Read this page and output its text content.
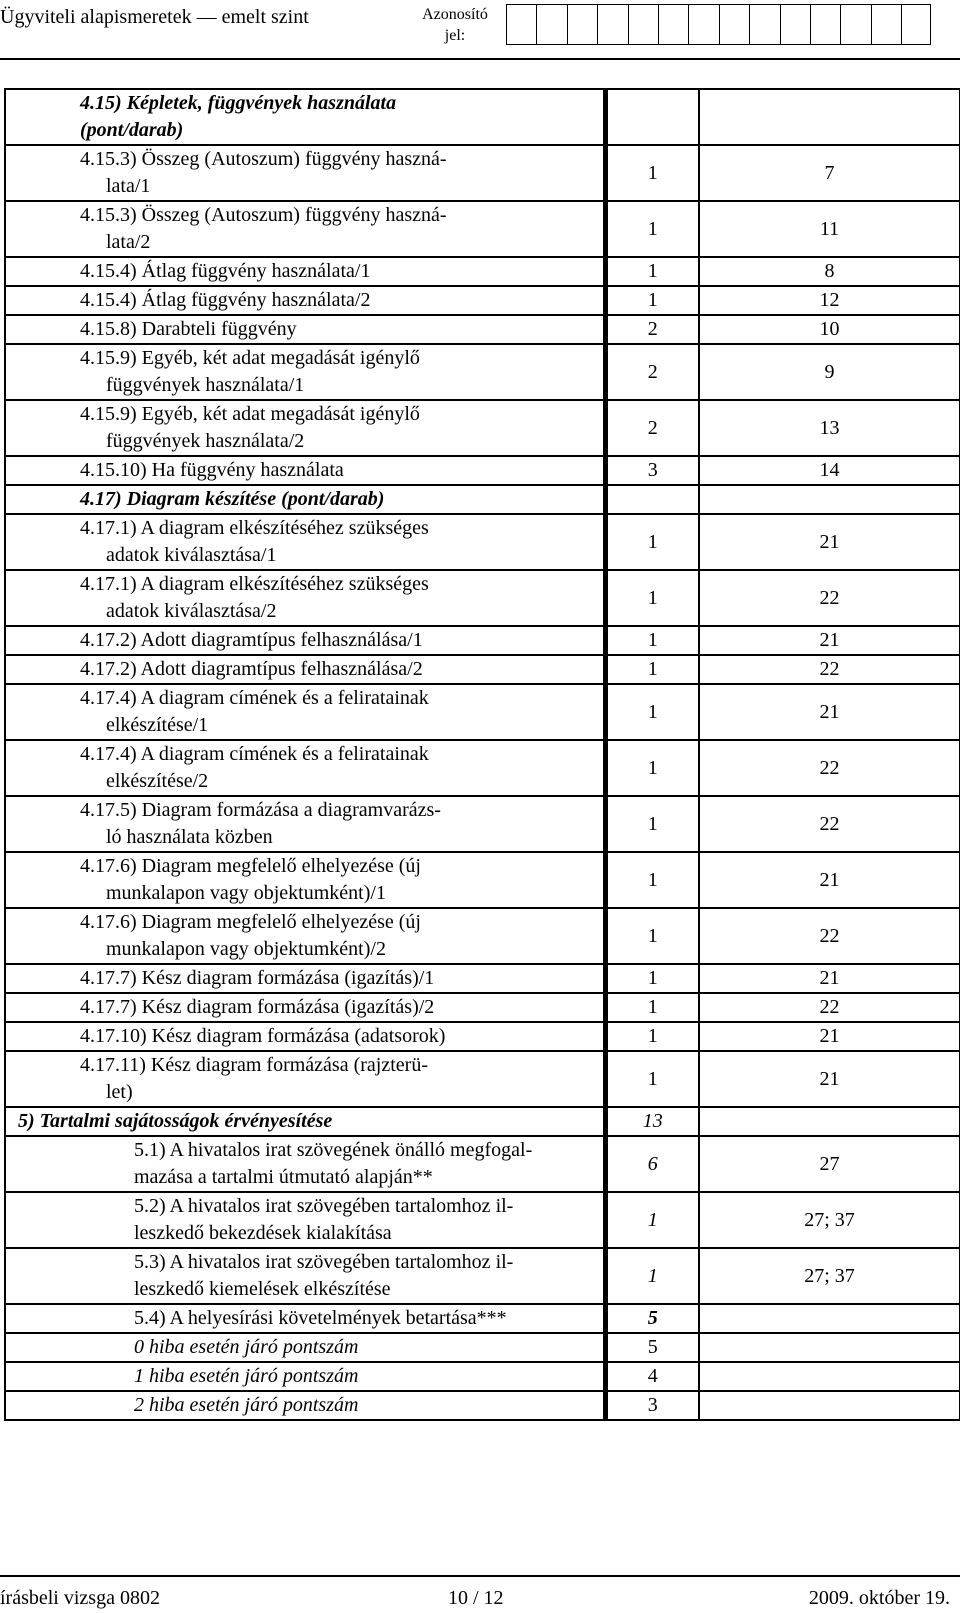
Ügyviteli alapismeretek — emelt szint	Azonosító
jel:
4.15) Képletek, függvények használata
(pont/darab)		

4.15.3) Összeg (Autoszum) függvény haszná-
lata/1	1	7

4.15.3) Összeg (Autoszum) függvény haszná-
lata/2	1	11

4.15.4) Átlag függvény használata/1	1	8

4.15.4) Átlag függvény használata/2	1	12

4.15.8) Darabteli függvény	2	10

4.15.9) Egyéb, két adat megadását igénylő
függvények használata/1	2	9

4.15.9) Egyéb, két adat megadását igénylő
függvények használata/2	2	13

4.15.10) Ha függvény használata	3	14

4.17) Diagram készítése (pont/darab)		

4.17.1) A diagram elkészítéséhez szükséges
adatok kiválasztása/1	1	21

4.17.1) A diagram elkészítéséhez szükséges
adatok kiválasztása/2	1	22

4.17.2) Adott diagramtípus felhasználása/1	1	21

4.17.2) Adott diagramtípus felhasználása/2	1	22

4.17.4) A diagram címének és a feliratainak
elkészítése/1	1	21

4.17.4) A diagram címének és a feliratainak
elkészítése/2	1	22

4.17.5) Diagram formázása a diagramvarázs-
ló használata közben	1	22

4.17.6) Diagram megfelelő elhelyezése (új
munkalapon vagy objektumként)/1	1	21

4.17.6) Diagram megfelelő elhelyezése (új
munkalapon vagy objektumként)/2	1	22

4.17.7) Kész diagram formázása (igazítás)/1	1	21

4.17.7) Kész diagram formázása (igazítás)/2	1	22

4.17.10) Kész diagram formázása (adatsorok)	1	21

4.17.11) Kész diagram formázása (rajzterü-
let)	1	21

5) Tartalmi sajátosságok érvényesítése	13	

5.1) A hivatalos irat szövegének önálló megfogal-
mazása a tartalmi útmutató alapján**	6	27

5.2) A hivatalos irat szövegében tartalomhoz il-
leszkedő bekezdések kialakítása	1	27; 37

5.3) A hivatalos irat szövegében tartalomhoz il-
leszkedő kiemelések elkészítése	1	27; 37

5.4) A helyesírási követelmények betartása***	5	

0 hiba esetén járó pontszám	5	

1 hiba esetén járó pontszám	4	

2 hiba esetén járó pontszám	3	
írásbeli vizsga 0802	10 / 12	2009. október 19.
